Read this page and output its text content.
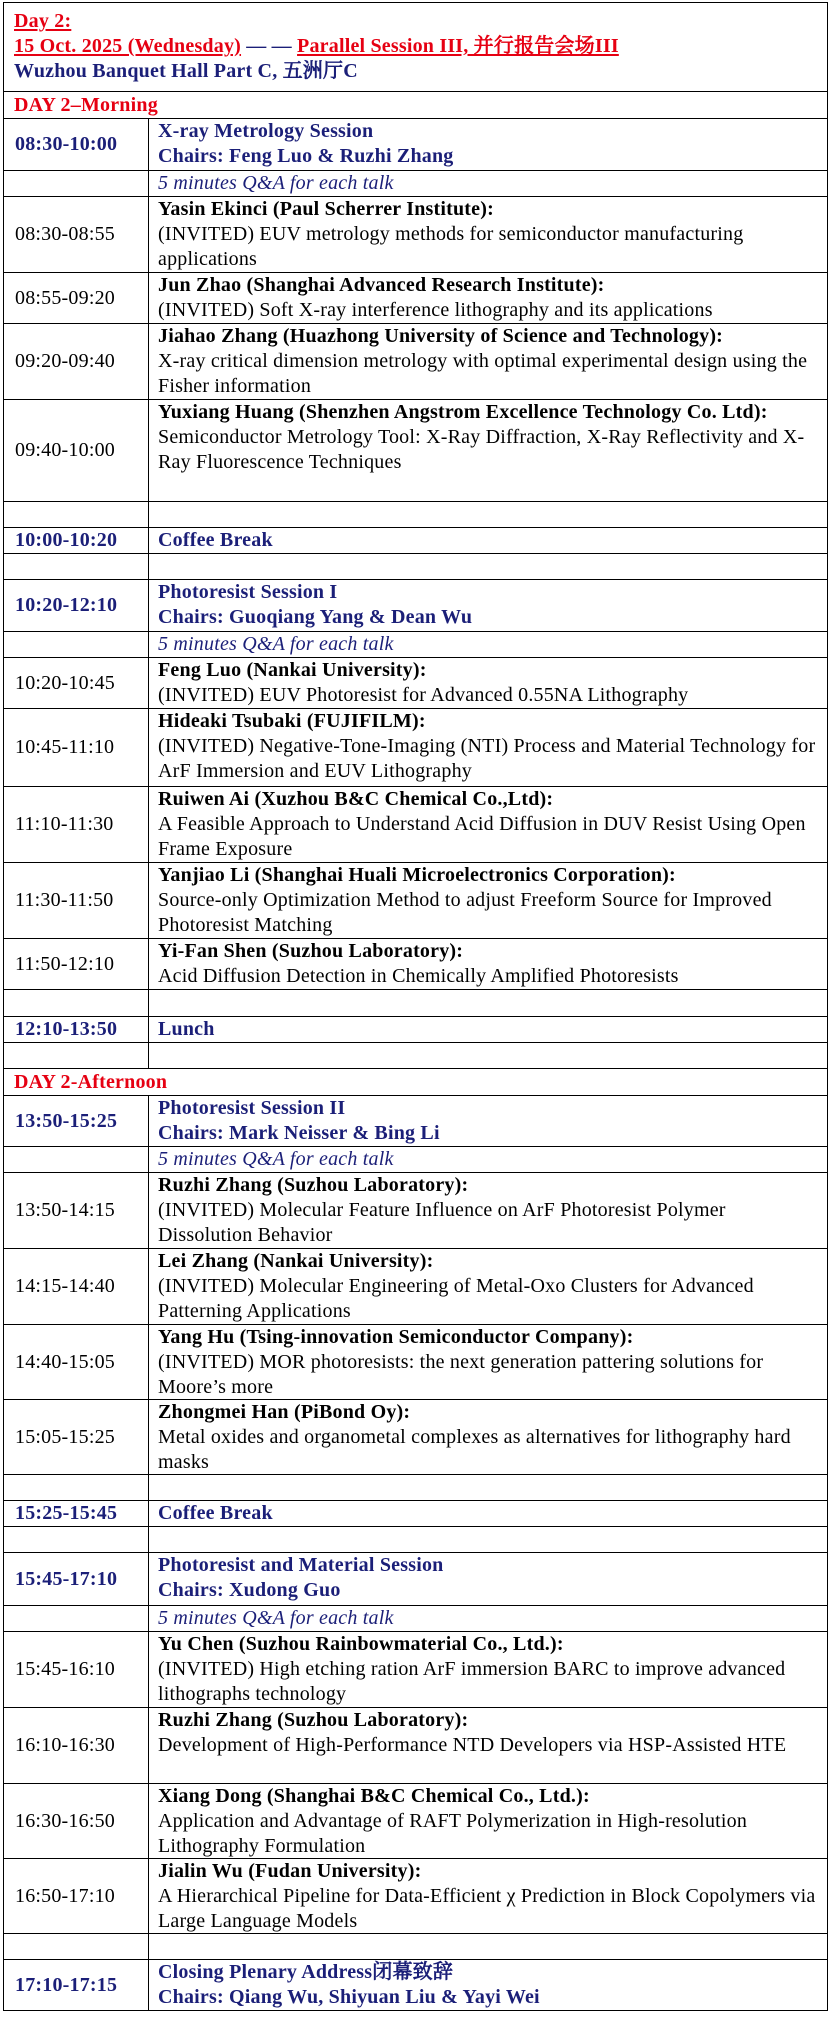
Day 2:
15 Oct. 2025 (Wednesday) — — Parallel Session III, 并行报告会场III
Wuzhou Banquet Hall Part C, 五洲厅C
DAY 2–Morning
08:30-10:00
X-ray Metrology Session
Chairs: Feng Luo & Ruzhi Zhang
5 minutes Q&A for each talk
08:30-08:55
Yasin Ekinci (Paul Scherrer Institute):
(INVITED) EUV metrology methods for semiconductor manufacturing applications
08:55-09:20
Jun Zhao (Shanghai Advanced Research Institute):
(INVITED) Soft X-ray interference lithography and its applications
09:20-09:40
Jiahao Zhang (Huazhong University of Science and Technology):
X-ray critical dimension metrology with optimal experimental design using the Fisher information
09:40-10:00
Yuxiang Huang (Shenzhen Angstrom Excellence Technology Co. Ltd):
Semiconductor Metrology Tool: X-Ray Diffraction, X-Ray Reflectivity and X-Ray Fluorescence Techniques
10:00-10:20 Coffee Break
10:20-12:10
Photoresist Session I
Chairs: Guoqiang Yang & Dean Wu
5 minutes Q&A for each talk
10:20-10:45
Feng Luo (Nankai University):
(INVITED) EUV Photoresist for Advanced 0.55NA Lithography
10:45-11:10
Hideaki Tsubaki (FUJIFILM):
(INVITED) Negative-Tone-Imaging (NTI) Process and Material Technology for ArF Immersion and EUV Lithography
11:10-11:30
Ruiwen Ai (Xuzhou B&C Chemical Co.,Ltd):
A Feasible Approach to Understand Acid Diffusion in DUV Resist Using Open Frame Exposure
11:30-11:50
Yanjiao Li (Shanghai Huali Microelectronics Corporation):
Source-only Optimization Method to adjust Freeform Source for Improved Photoresist Matching
11:50-12:10
Yi-Fan Shen (Suzhou Laboratory):
Acid Diffusion Detection in Chemically Amplified Photoresists
12:10-13:50 Lunch
DAY 2-Afternoon
13:50-15:25
Photoresist Session II
Chairs: Mark Neisser & Bing Li
5 minutes Q&A for each talk
13:50-14:15
Ruzhi Zhang (Suzhou Laboratory):
(INVITED) Molecular Feature Influence on ArF Photoresist Polymer Dissolution Behavior
14:15-14:40
Lei Zhang (Nankai University):
(INVITED) Molecular Engineering of Metal-Oxo Clusters for Advanced Patterning Applications
14:40-15:05
Yang Hu (Tsing-innovation Semiconductor Company):
(INVITED) MOR photoresists: the next generation pattering solutions for Moore’s more
15:05-15:25
Zhongmei Han (PiBond Oy):
Metal oxides and organometal complexes as alternatives for lithography hard masks
15:25-15:45 Coffee Break
15:45-17:10
Photoresist and Material Session
Chairs: Xudong Guo
5 minutes Q&A for each talk
15:45-16:10
Yu Chen (Suzhou Rainbowmaterial Co., Ltd.):
(INVITED) High etching ration ArF immersion BARC to improve advanced lithographs technology
16:10-16:30
Ruzhi Zhang (Suzhou Laboratory):
Development of High-Performance NTD Developers via HSP-Assisted HTE
16:30-16:50
Xiang Dong (Shanghai B&C Chemical Co., Ltd.):
Application and Advantage of RAFT Polymerization in High-resolution Lithography Formulation
16:50-17:10
Jialin Wu (Fudan University):
A Hierarchical Pipeline for Data-Efficient χ Prediction in Block Copolymers via Large Language Models
17:10-17:15
Closing Plenary Address闭幕致辞
Chairs: Qiang Wu, Shiyuan Liu & Yayi Wei
